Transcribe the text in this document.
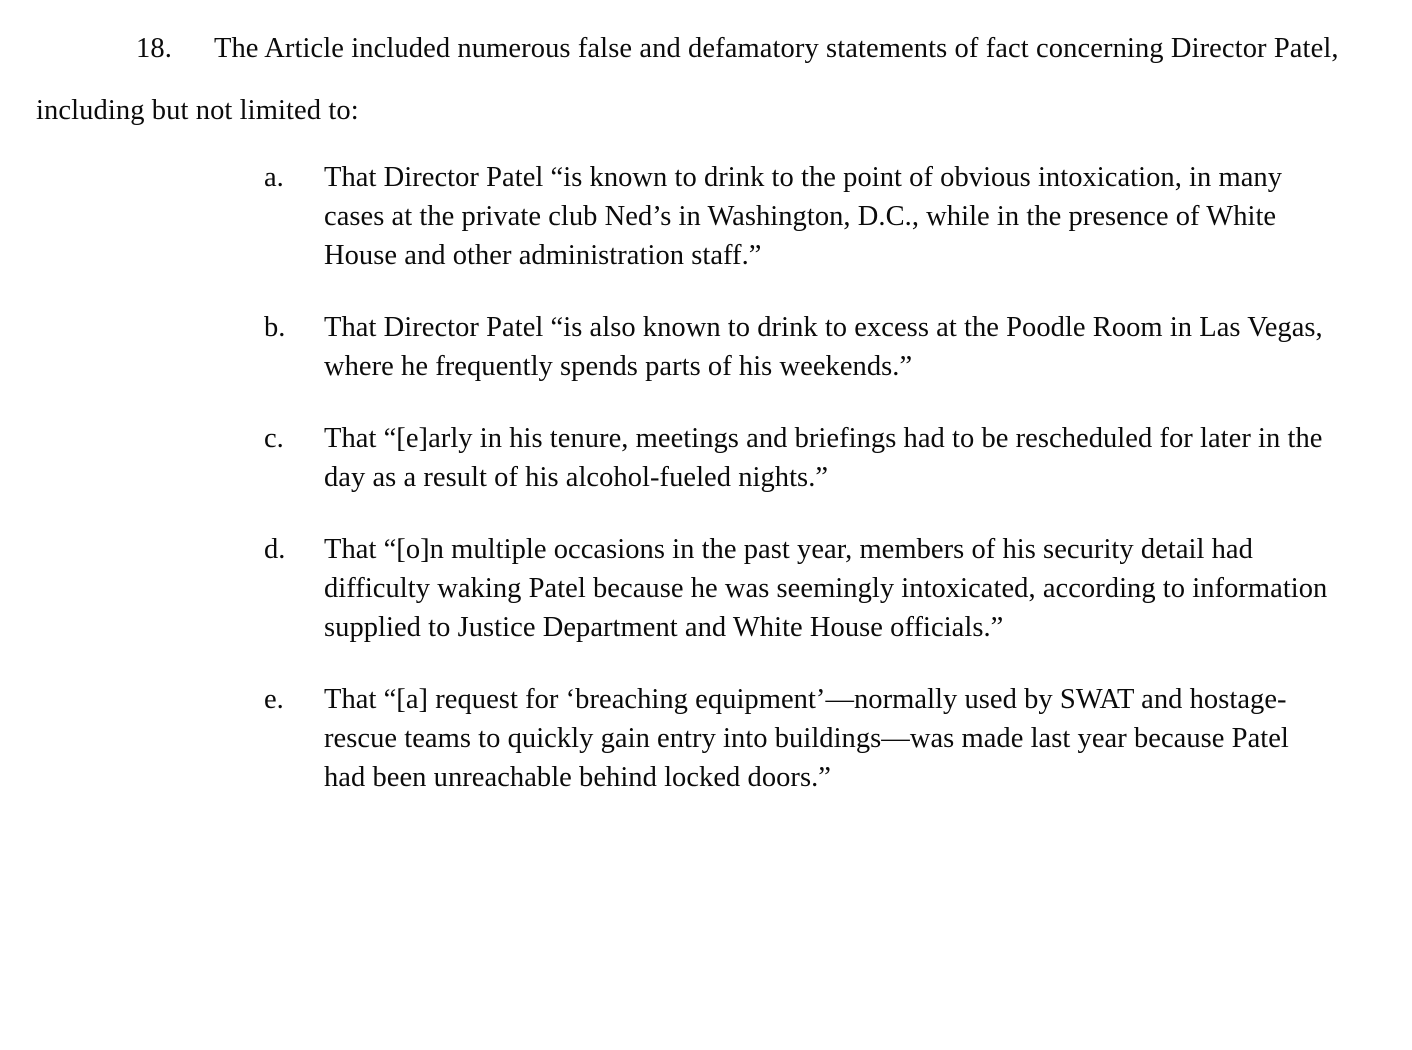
18. The Article included numerous false and defamatory statements of fact concerning Director Patel, including but not limited to:

a.	That Director Patel “is known to drink to the point of obvious intoxication, in many cases at the private club Ned’s in Washington, D.C., while in the presence of White House and other administration staff.”
b.	That Director Patel “is also known to drink to excess at the Poodle Room in Las Vegas, where he frequently spends parts of his weekends.”
c.	That “[e]arly in his tenure, meetings and briefings had to be rescheduled for later in the day as a result of his alcohol-fueled nights.”
d.	That “[o]n multiple occasions in the past year, members of his security detail had difficulty waking Patel because he was seemingly intoxicated, according to information supplied to Justice Department and White House officials.”
e.	That “[a] request for ‘breaching equipment’—normally used by SWAT and hostage-rescue teams to quickly gain entry into buildings—was made last year because Patel had been unreachable behind locked doors.”
